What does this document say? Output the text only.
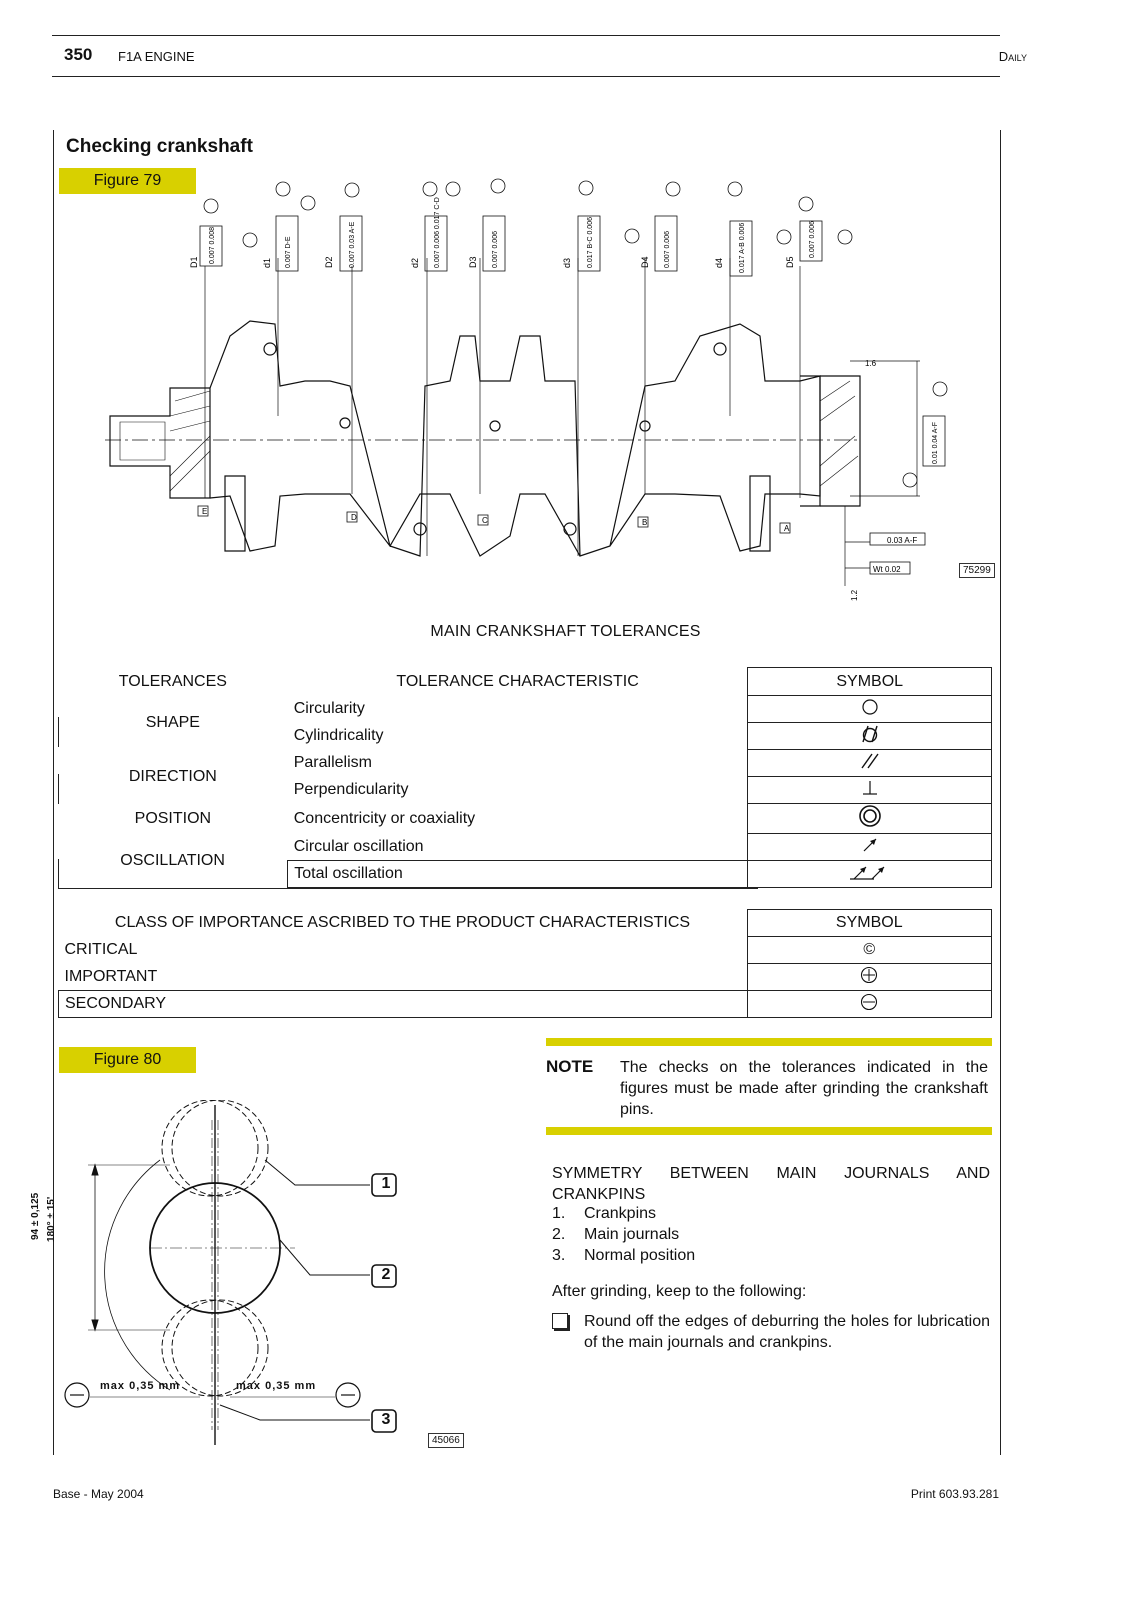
350 F1A ENGINE	Daily
Checking crankshaft
Figure 79
D1	d1	D2	d2	D3	d3	D4	d4	D5
E
D	C	B
A
0.03 A-F
Wt 0.02
1.6
1.2
0.007 0.008	0.007 D-E	0.007 0.03 A-E	0.007 0.006 0.017 C-D	0.007 0.006	0.017 B-C 0.006	0.007 0.006	0.017 A-B 0.006	0.007 0.006
0.01 0.04 A-F
75299
MAIN CRANKSHAFT TOLERANCES
TOLERANCES	TOLERANCE CHARACTERISTIC	SYMBOL
SHAPE	Circularity	
	Cylindricality	
DIRECTION	Parallelism	
	Perpendicularity	
POSITION	Concentricity or coaxiality	
OSCILLATION	Circular oscillation	
	Total oscillation	
CLASS OF IMPORTANCE ASCRIBED TO THE PRODUCT CHARACTERISTICS	SYMBOL
CRITICAL	©
IMPORTANT	
SECONDARY	
Figure 80
1
2
3
max 0,35 mm	max 0,35 mm
94 ± 0,125 180° ± 15'
45066
NOTE The checks on the tolerances indicated in the figures must be made after grinding the crankshaft pins.
SYMMETRY BETWEEN MAIN JOURNALS AND CRANKPINS
1. Crankpins
2. Main journals
3. Normal position
After grinding, keep to the following:
Round off the edges of deburring the holes for lubrication of the main journals and crankpins.
Base - May 2004	Print 603.93.281
